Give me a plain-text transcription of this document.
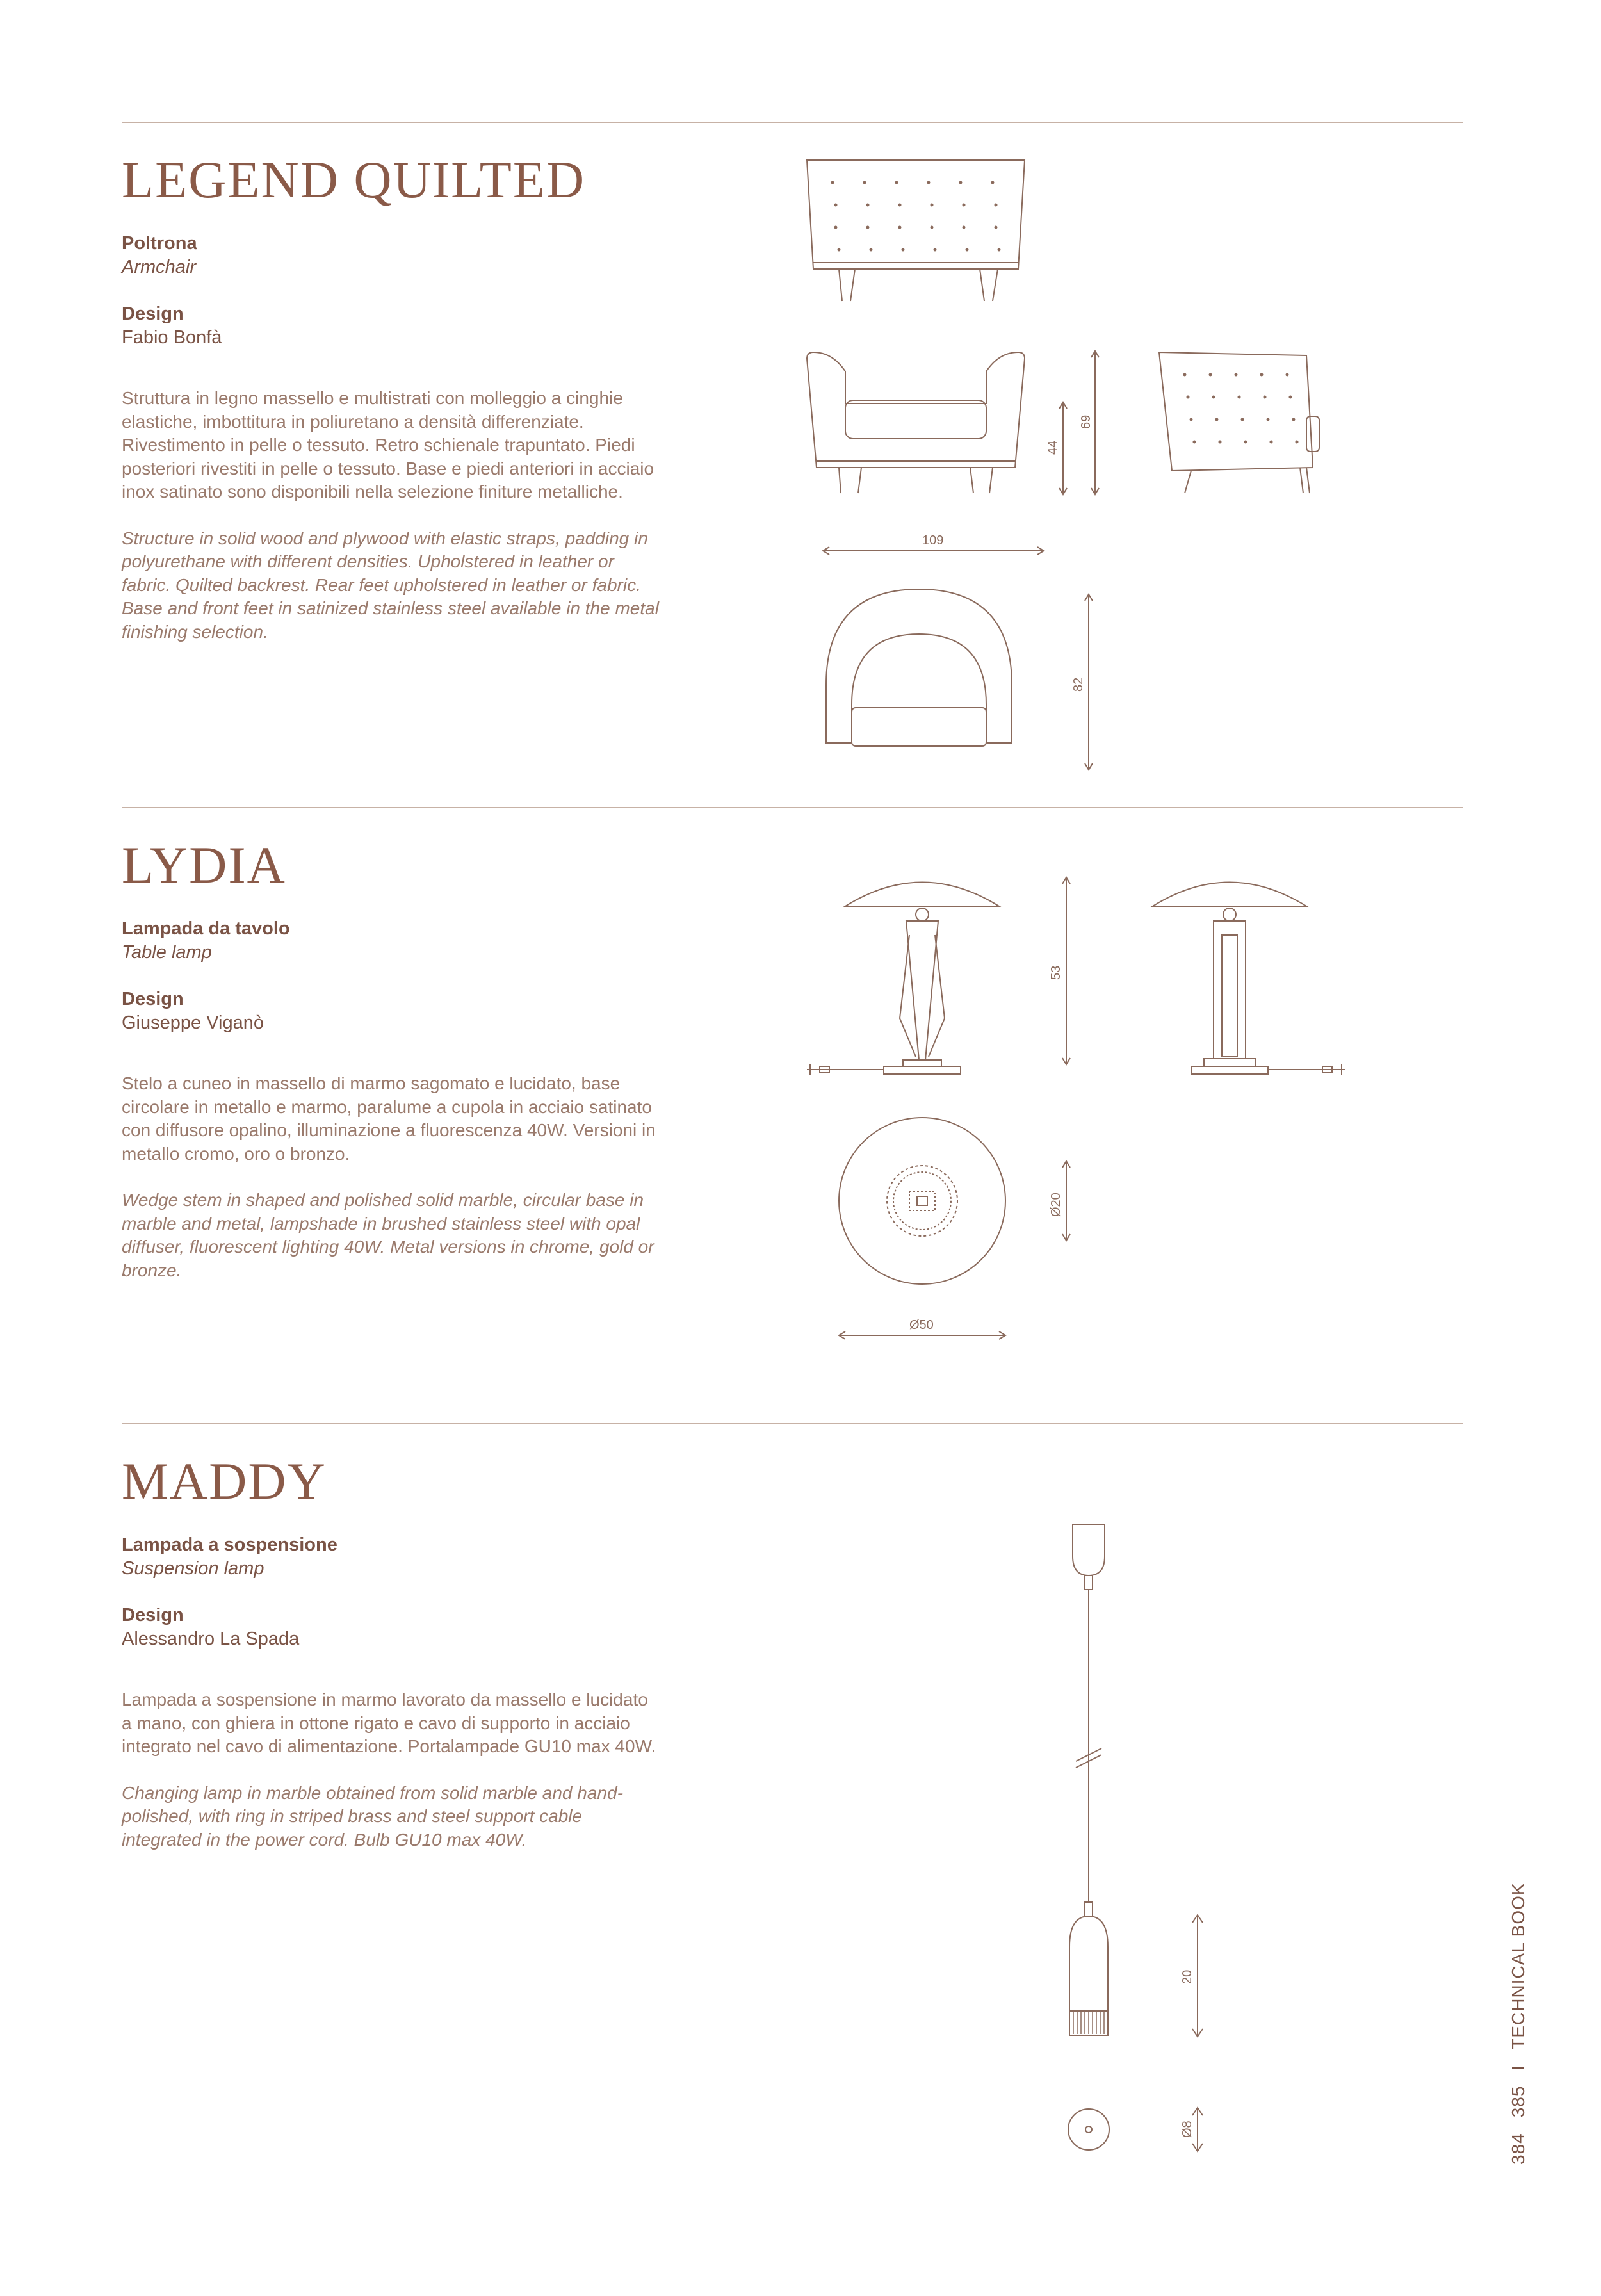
LEGEND QUILTED

Poltrona

Armchair

Design

Fabio Bonfà

Struttura in legno massello e multistrati con molleggio a cinghie elastiche, imbottitura in poliuretano a densità differenziate. Rivestimento in pelle o tessuto. Retro schienale trapuntato. Piedi posteriori rivestiti in pelle o tessuto. Base e piedi anteriori in acciaio inox satinato sono disponibili nella selezione finiture metalliche.

Structure in solid wood and plywood with elastic straps, padding in polyurethane with different densities. Upholstered in leather or fabric. Quilted backrest. Rear feet upholstered in leather or fabric. Base and front feet in satinized stainless steel available in the metal finishing selection.

44
69
109
82
LYDIA

Lampada da tavolo

Table lamp

Design

Giuseppe Viganò

Stelo a cuneo in massello di marmo sagomato e lucidato, base circolare in metallo e marmo, paralume a cupola in acciaio satinato con diffusore opalino, illuminazione a fluorescenza 40W. Versioni in metallo cromo, oro o bronzo.

Wedge stem in shaped and polished solid marble, circular base in marble and metal, lampshade in brushed stainless steel with opal diffuser, fluorescent lighting 40W. Metal versions in chrome, gold or bronze.

53
Ø20
Ø50
MADDY

Lampada a sospensione

Suspension lamp

Design

Alessandro La Spada

Lampada a sospensione in marmo lavorato da massello e lucidato a mano, con ghiera in ottone rigato e cavo di supporto in acciaio integrato nel cavo di alimentazione. Portalampade GU10 max 40W.

Changing lamp in marble obtained from solid marble and hand-polished, with ring in striped brass and steel support cable integrated in the power cord. Bulb GU10 max 40W.

20
Ø8
384385ITECHNICAL BOOK
